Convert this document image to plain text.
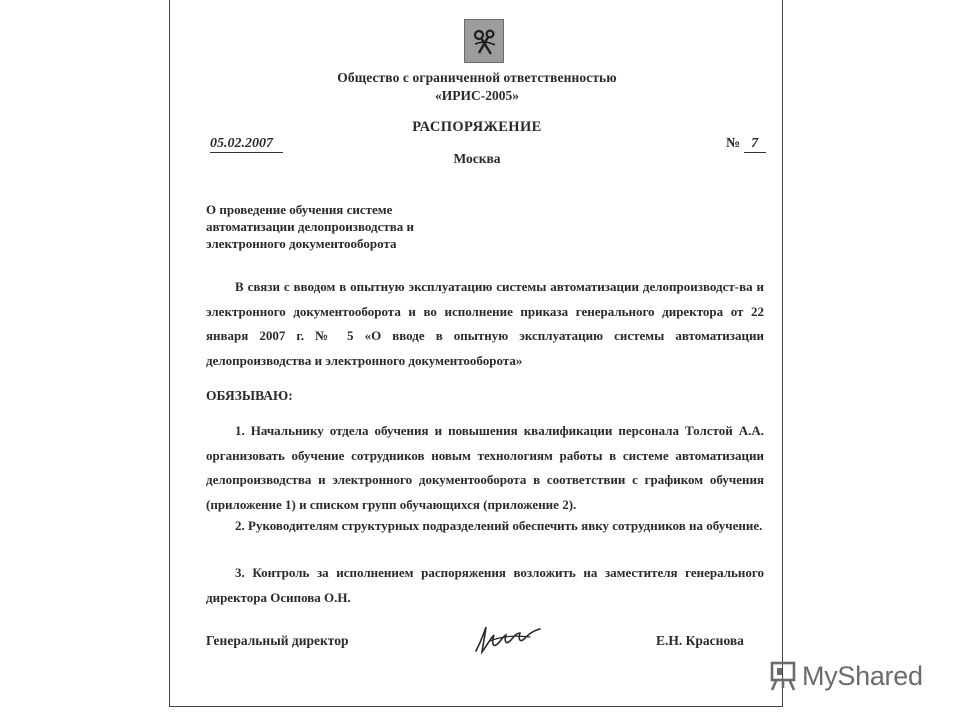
Общество с ограниченной ответственностью
«ИРИС-2005»
РАСПОРЯЖЕНИЕ
05.02.2007	№ 7
Москва
О проведение обучения системе
автоматизации делопроизводства и
электронного документооборота
В связи с вводом в опытную эксплуатацию системы автоматизации делопроизводст-ва и электронного документооборота и во исполнение приказа генерального директора от 22 января 2007 г. № 5 «О вводе в опытную эксплуатацию системы автоматизации делопроизводства и электронного документооборота»
ОБЯЗЫВАЮ:
1. Начальнику отдела обучения и повышения квалификации персонала Толстой А.А. организовать обучение сотрудников новым технологиям работы в системе автоматизации делопроизводства и электронного документооборота в соответствии с графиком обучения (приложение 1) и списком групп обучающихся (приложение 2).
2. Руководителям структурных подразделений обеспечить явку сотрудников на обучение.
3. Контроль за исполнением распоряжения возложить на заместителя генерального директора Осипова О.Н.
Генеральный директор	Е.Н. Краснова
MyShared
